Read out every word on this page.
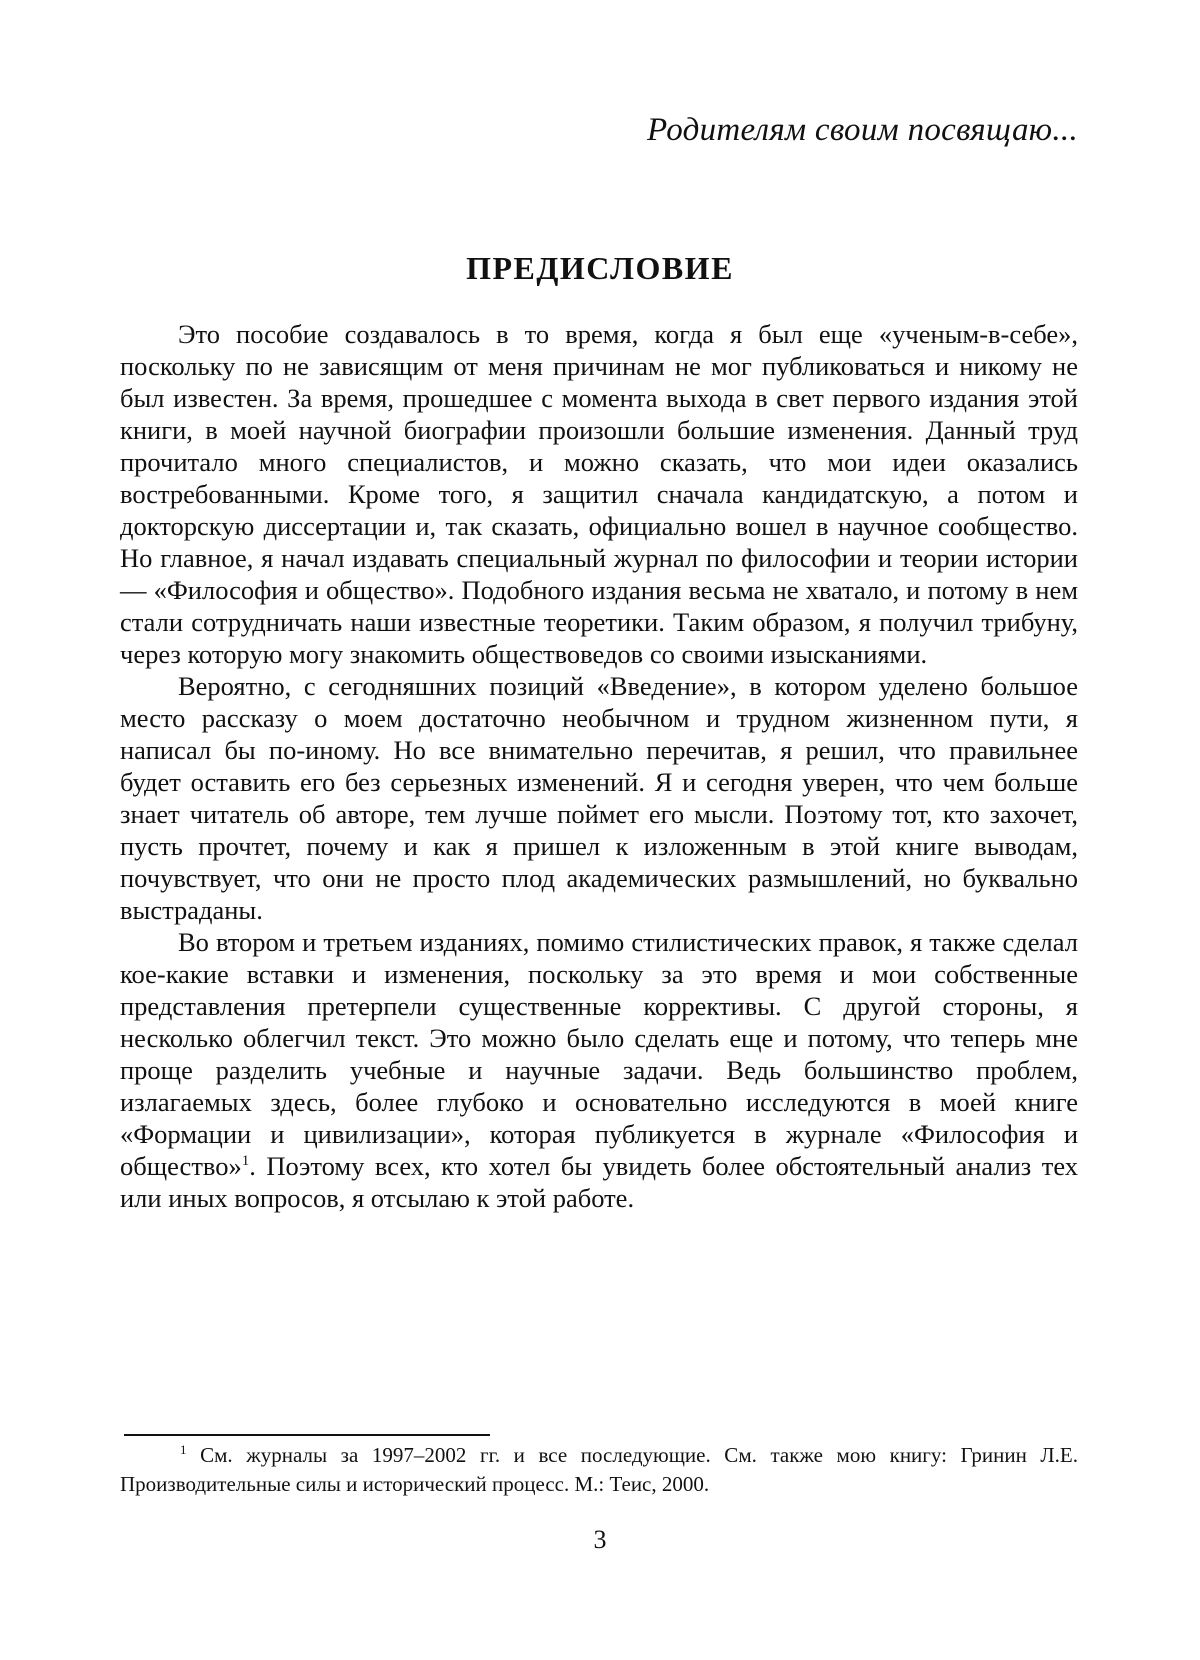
Родителям своим посвящаю...
ПРЕДИСЛОВИЕ

Это пособие создавалось в то время, когда я был еще «ученым-в-себе», поскольку по не зависящим от меня причинам не мог публиковаться и никому не был известен. За время, прошедшее с момента выхода в свет первого издания этой книги, в моей научной биографии произошли большие изменения. Данный труд прочитало много специалистов, и можно сказать, что мои идеи оказались востребованными. Кроме того, я защитил сначала кандидатскую, а потом и докторскую диссертации и, так сказать, официально вошел в научное сообщество. Но главное, я начал издавать специальный журнал по философии и теории истории — «Философия и общество». Подобного издания весьма не хватало, и потому в нем стали сотрудничать наши известные теоретики. Таким образом, я получил трибуну, через которую могу знакомить обществоведов со своими изысканиями.

Вероятно, с сегодняшних позиций «Введение», в котором уделено большое место рассказу о моем достаточно необычном и трудном жизненном пути, я написал бы по-иному. Но все внимательно перечитав, я решил, что правильнее будет оставить его без серьезных изменений. Я и сегодня уверен, что чем больше знает читатель об авторе, тем лучше поймет его мысли. Поэтому тот, кто захочет, пусть прочтет, почему и как я пришел к изложенным в этой книге выводам, почувствует, что они не просто плод академических размышлений, но буквально выстраданы.

Во втором и третьем изданиях, помимо стилистических правок, я также сделал кое-какие вставки и изменения, поскольку за это время и мои собственные представления претерпели существенные коррективы. С другой стороны, я несколько облегчил текст. Это можно было сделать еще и потому, что теперь мне проще разделить учебные и научные задачи. Ведь большинство проблем, излагаемых здесь, более глубоко и основательно исследуются в моей книге «Формации и цивилизации», которая публикуется в журнале «Философия и общество»$^1$. Поэтому всех, кто хотел бы увидеть более обстоятельный анализ тех или иных вопросов, я отсылаю к этой работе.

$^1$ См. журналы за 1997–2002 гг. и все последующие. См. также мою книгу: Гринин Л.Е. Производительные силы и исторический процесс. М.: Теис, 2000.

3
